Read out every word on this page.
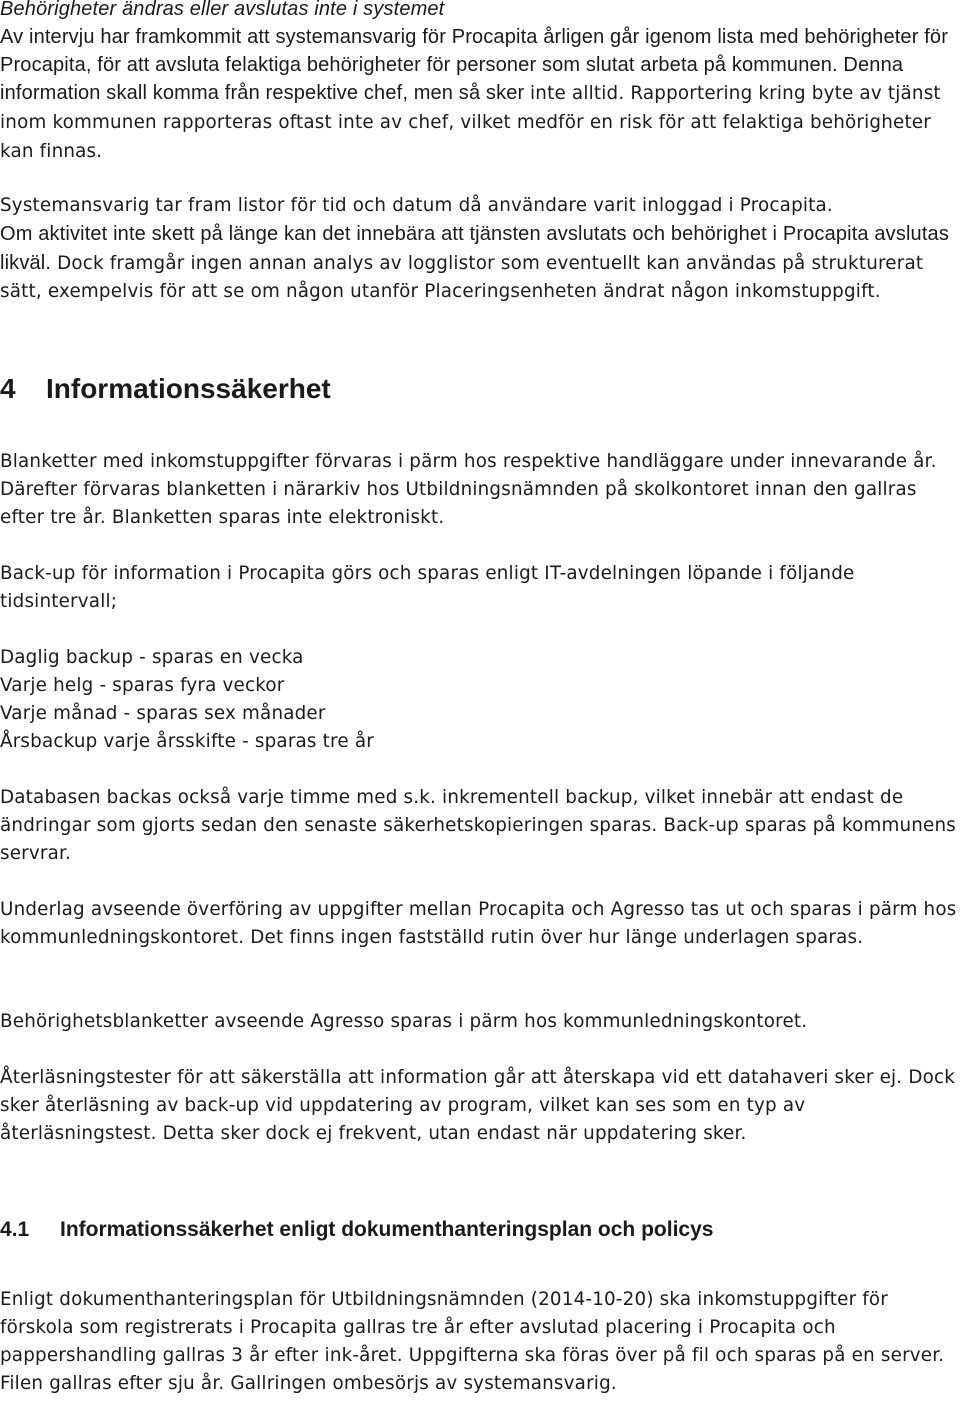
Behörigheter ändras eller avslutas inte i systemet
Av intervju har framkommit att systemansvarig för Procapita årligen går igenom lista med behörigheter för Procapita, för att avsluta felaktiga behörigheter för personer som slutat arbeta på kommunen. Denna information skall komma från respektive chef, men så sker inte alltid. Rapportering kring byte av tjänst inom kommunen rapporteras oftast inte av chef, vilket medför en risk för att felaktiga behörigheter kan finnas.

Systemansvarig tar fram listor för tid och datum då användare varit inloggad i Procapita.
Om aktivitet inte skett på länge kan det innebära att tjänsten avslutats och behörighet i Procapita avslutas likväl. Dock framgår ingen annan analys av logglistor som eventuellt kan användas på strukturerat sätt, exempelvis för att se om någon utanför Placeringsenheten ändrat någon inkomstuppgift.

4 Informationssäkerhet

Blanketter med inkomstuppgifter förvaras i pärm hos respektive handläggare under innevarande år. Därefter förvaras blanketten i närarkiv hos Utbildningsnämnden på skolkontoret innan den gallras efter tre år. Blanketten sparas inte elektroniskt.

Back-up för information i Procapita görs och sparas enligt IT-avdelningen löpande i följande tidsintervall;

Daglig backup - sparas en vecka
Varje helg - sparas fyra veckor
Varje månad - sparas sex månader
Årsbackup varje årsskifte - sparas tre år

Databasen backas också varje timme med s.k. inkrementell backup, vilket innebär att endast de ändringar som gjorts sedan den senaste säkerhetskopieringen sparas. Back-up sparas på kommunens servrar.

Underlag avseende överföring av uppgifter mellan Procapita och Agresso tas ut och sparas i pärm hos kommunledningskontoret. Det finns ingen fastställd rutin över hur länge underlagen sparas.

Behörighetsblanketter avseende Agresso sparas i pärm hos kommunledningskontoret.

Återläsningstester för att säkerställa att information går att återskapa vid ett datahaveri sker ej. Dock sker återläsning av back-up vid uppdatering av program, vilket kan ses som en typ av återläsningstest. Detta sker dock ej frekvent, utan endast när uppdatering sker.

4.1 Informationssäkerhet enligt dokumenthanteringsplan och policys

Enligt dokumenthanteringsplan för Utbildningsnämnden (2014-10-20) ska inkomstuppgifter för förskola som registrerats i Procapita gallras tre år efter avslutad placering i Procapita och pappershandling gallras 3 år efter ink-året. Uppgifterna ska föras över på fil och sparas på en server. Filen gallras efter sju år. Gallringen ombesörjs av systemansvarig.
